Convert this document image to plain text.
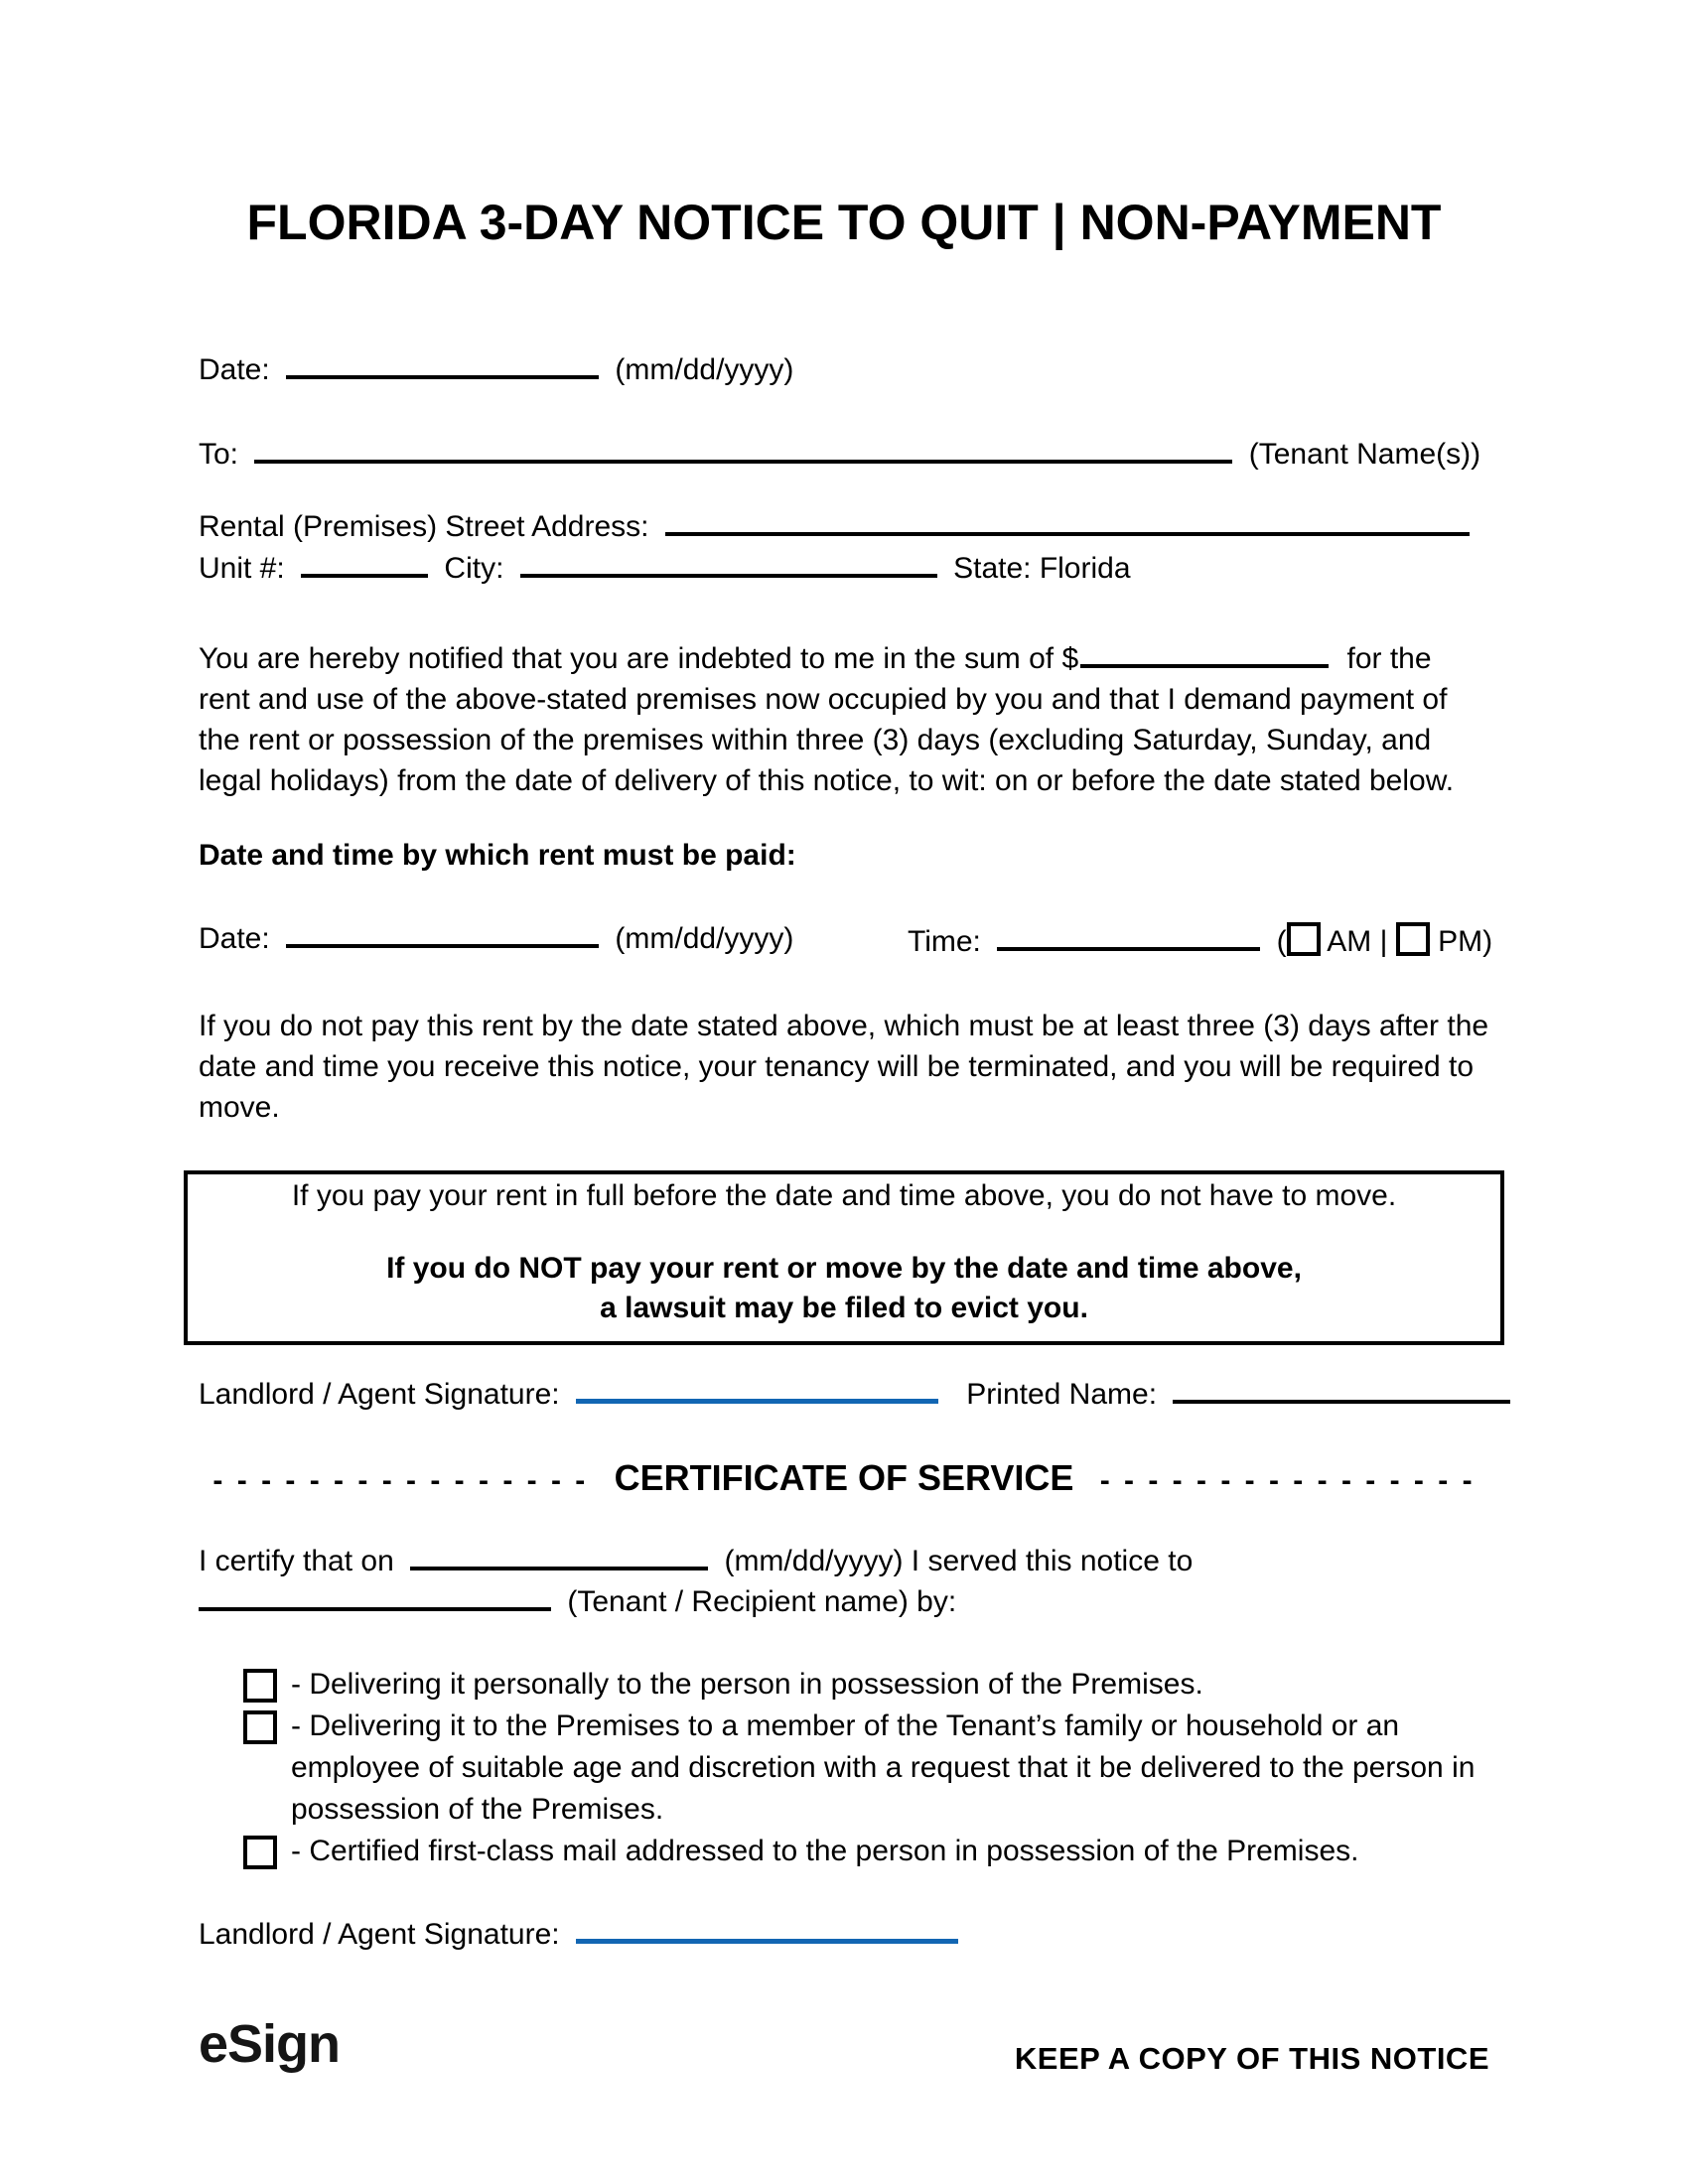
FLORIDA 3-DAY NOTICE TO QUIT | NON-PAYMENT
Date:	(mm/dd/yyyy)
To:	(Tenant Name(s))
Rental (Premises) Street Address:
Unit #:	City:	State: Florida
You are hereby notified that you are indebted to me in the sum of $	for the rent and use of the above-stated premises now occupied by you and that I demand payment of the rent or possession of the premises within three (3) days (excluding Saturday, Sunday, and legal holidays) from the date of delivery of this notice, to wit: on or before the date stated below.
Date and time by which rent must be paid:
Date:	(mm/dd/yyyy)	Time:	( AM | PM)
If you do not pay this rent by the date stated above, which must be at least three (3) days after the date and time you receive this notice, your tenancy will be terminated, and you will be required to move.
If you pay your rent in full before the date and time above, you do not have to move.
If you do NOT pay your rent or move by the date and time above,
a lawsuit may be filed to evict you.
Landlord / Agent Signature:	Printed Name:
- - - - - - - - - - - - - - - - CERTIFICATE OF SERVICE - - - - - - - - - - - - - - - -
I certify that on	(mm/dd/yyyy) I served this notice to
(Tenant / Recipient name) by:
- Delivering it personally to the person in possession of the Premises.
- Delivering it to the Premises to a member of the Tenant’s family or household or an employee of suitable age and discretion with a request that it be delivered to the person in possession of the Premises.
- Certified first-class mail addressed to the person in possession of the Premises.
Landlord / Agent Signature:
eSign	KEEP A COPY OF THIS NOTICE
